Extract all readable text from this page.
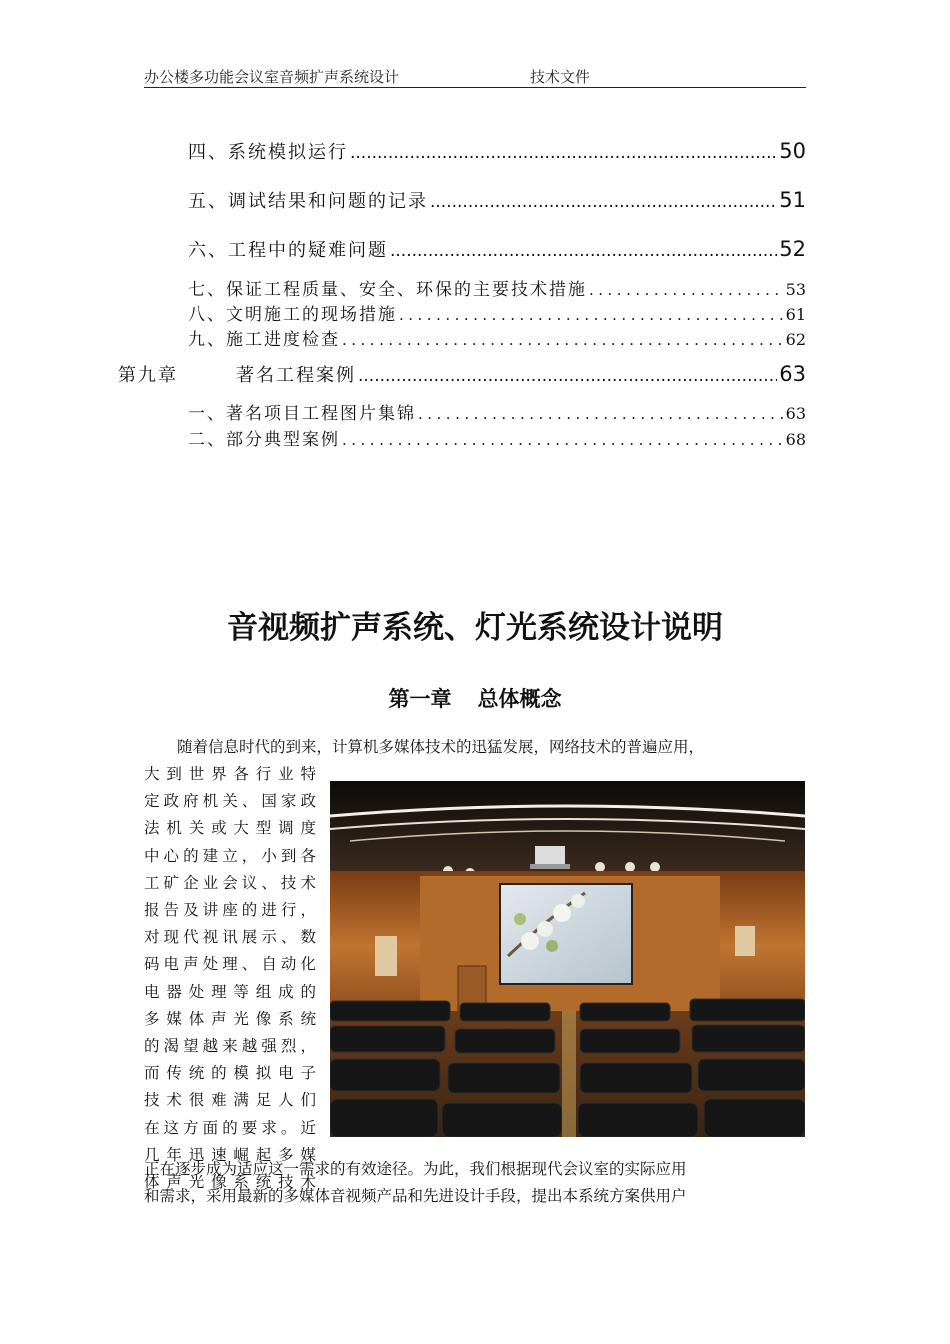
办公楼多功能会议室音频扩声系统设计	技术文件
四、系统模拟运行 .....	50
五、调试结果和问题的记录 .....	51
六、工程中的疑难问题 .....	52
七、保证工程质量、安全、环保的主要技术措施 .....	53
八、文明施工的现场措施 .....	61
九、施工进度检查 .....	62
第九章	著名工程案例 .....	63
一、著名项目工程图片集锦 .....	63
二、部分典型案例 .....	68
音视频扩声系统、灯光系统设计说明
第一章 总体概念
随着信息时代的到来，计算机多媒体技术的迅猛发展，网络技术的普遍应用，
大到世界各行业特
定政府机关、国家政
法机关或大型调度
中心的建立，小到各
工矿企业会议、技术
报告及讲座的进行，
对现代视讯展示、数
码电声处理、自动化
电器处理等组成的
多媒体声光像系统
的渴望越来越强烈，
而传统的模拟电子
技术很难满足人们
在这方面的要求。近
几年迅速崛起多媒
体声光像系统技术
正在逐步成为适应这一需求的有效途径。为此，我们根据现代会议室的实际应用
和需求，采用最新的多媒体音视频产品和先进设计手段，提出本系统方案供用户
